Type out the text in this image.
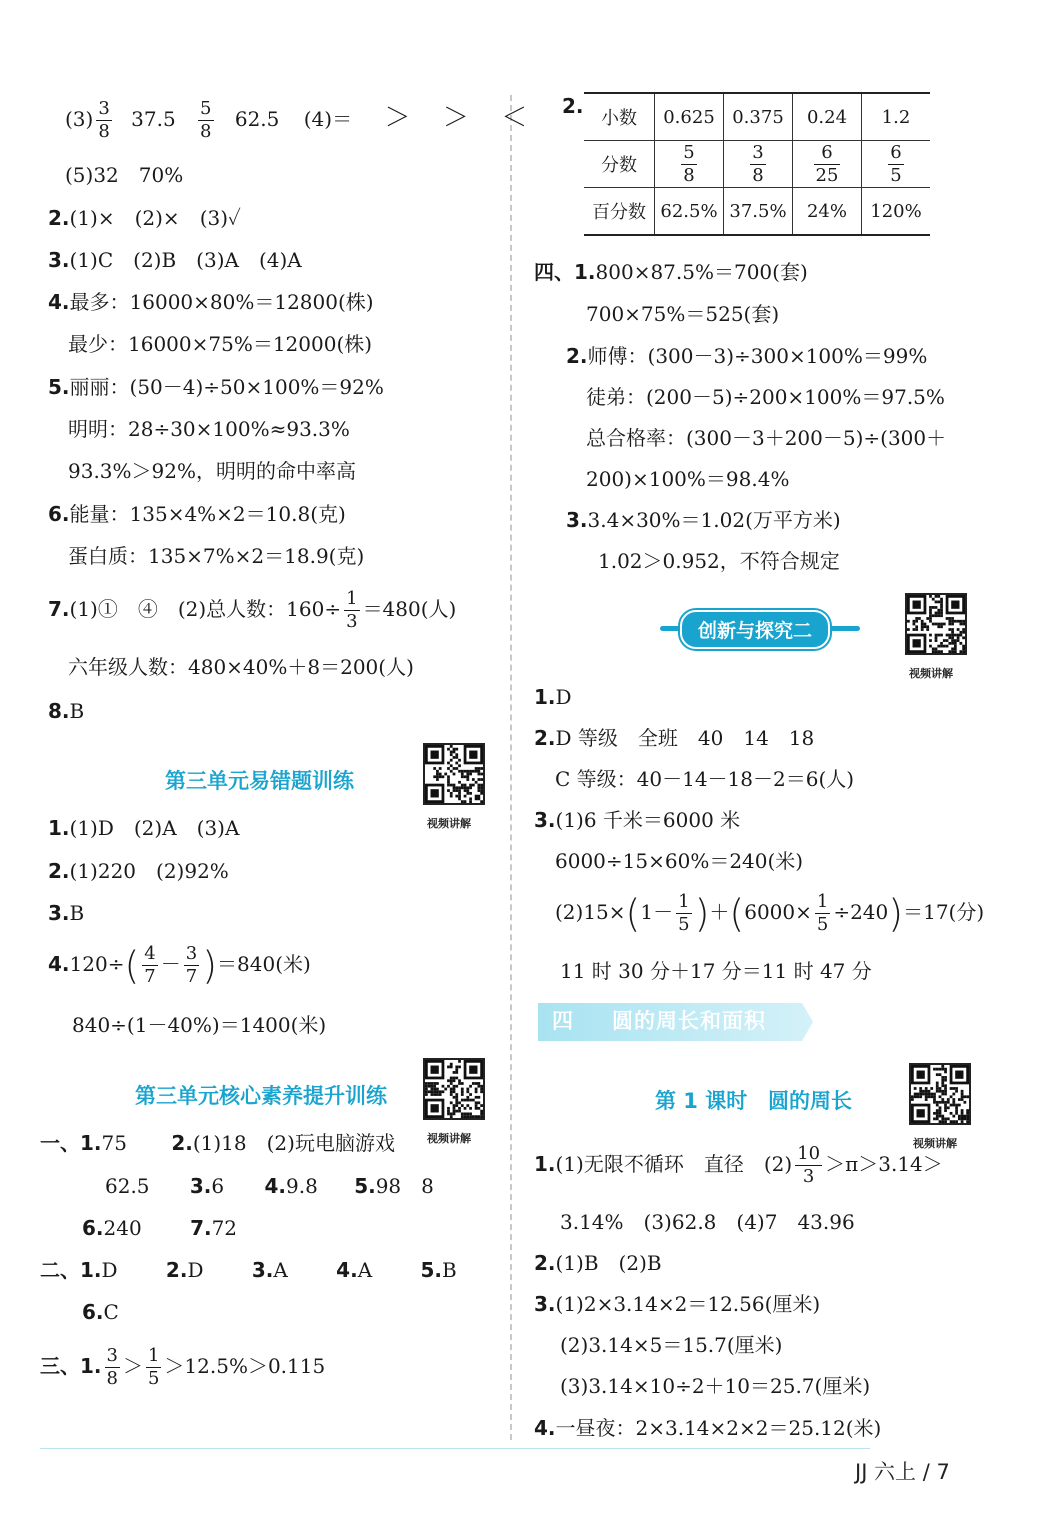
$(3) \frac{3}{8} 37.5 \frac{5}{8} 62.5$ (4)＝ ＞ ＞ ＜
(5)32　70%
2.(1)×　(2)×　(3)✓
3.(1)C　(2)B　(3)A　(4)A
4.最多：16000×80%＝12800(株)
最少：16000×75%＝12000(株)
5.丽丽：(50－4)÷50×100%＝92%
明明：28÷30×100%≈93.3%
93.3%＞92%，明明的命中率高
6.能量：135×4%×2＝10.8(克)
蛋白质：135×7%×2＝18.9(克)
7.(1)①　④　(2)总人数：$160\div \frac{1}{3} =480$(人)
六年级人数：480×40%＋8＝200(人)
8.B
第三单元易错题训练
视频讲解
1.(1)D　(2)A　(3)A
2.(1)220　(2)92%
3.B
$4.120\div( \frac{4}{7} - \frac{3}{7} )=840$(米)
840÷(1－40%)＝1400(米)
第三单元核心素养提升训练
视频讲解
一、1.75 2.(1)18　(2)玩电脑游戏
62.5 3.6 4.9.8 5.98　8
6.240 7.72
二、1.D 2.D 3.A 4.A 5.B
6.C
三、1. $\frac{3}{8} > \frac{1}{5} >12.5\%>0.115$
2.
小数	0.625	0.375	0.24	1.2
分数	$\frac{5}{8}$	$\frac{3}{8}$	$\frac{6}{25}$	$\frac{6}{5}$

百分数	62.5%	37.5%	24%	120%
四、1.800×87.5%＝700(套)
700×75%＝525(套)
2.师傅：(300－3)÷300×100%＝99%
徒弟：(200－5)÷200×100%＝97.5%
总合格率：(300－3＋200－5)÷(300＋
200)×100%＝98.4%
3.3.4×30%＝1.02(万平方米)
1.02＞0.952，不符合规定
创新与探究二
视频讲解
1.D
2.D 等级　全班　40　14　18
C 等级：40－14－18－2＝6(人)
3.(1)6 千米＝6000 米
6000÷15×60%＝240(米)
$(2)15\times(1- \frac{1}{5} )+(6000\times \frac{1}{5} \div 240)=17$(分)
11 时 30 分＋17 分＝11 时 47 分
四 圆的周长和面积
第 1 课时 圆的周长
视频讲解
1.(1)无限不循环　直径　$(2) \frac{10}{3} >\pi>3.14>$
3.14%　(3)62.8　(4)7　43.96
2.(1)B　(2)B
3.(1)2×3.14×2＝12.56(厘米)
(2)3.14×5＝15.7(厘米)
(3)3.14×10÷2＋10＝25.7(厘米)
4.一昼夜：2×3.14×2×2＝25.12(米)
JJ 六上 / 7
